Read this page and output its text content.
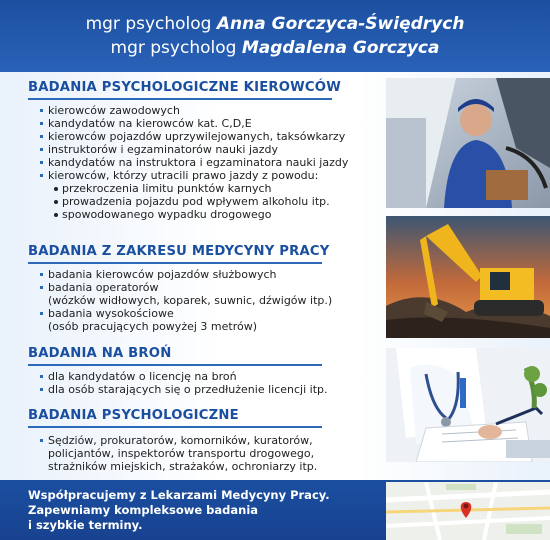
mgr psycholog Anna Gorczyca-Świędrych
mgr psycholog Magdalena Gorczyca
BADANIA PSYCHOLOGICZNE KIEROWCÓW
kierowców zawodowych
kandydatów na kierowców kat. C,D,E
kierowców pojazdów uprzywilejowanych, taksówkarzy
instruktorów i egzaminatorów nauki jazdy
kandydatów na instruktora i egzaminatora nauki jazdy
kierowców, którzy utracili prawo jazdy z powodu:
przekroczenia limitu punktów karnych
prowadzenia pojazdu pod wpływem alkoholu itp.
spowodowanego wypadku drogowego
BADANIA Z ZAKRESU MEDYCYNY PRACY
badania kierowców pojazdów służbowych
badania operatorów
(wózków widłowych, koparek, suwnic, dźwigów itp.)
badania wysokościowe
(osób pracujących powyżej 3 metrów)
BADANIA NA BROŃ
dla kandydatów o licencję na broń
dla osób starających się o przedłużenie licencji itp.
BADANIA PSYCHOLOGICZNE
Sędziów, prokuratorów, komorników, kuratorów,
policjantów, inspektorów transportu drogowego,
strażników miejskich, strażaków, ochroniarzy itp.
Współpracujemy z Lekarzami Medycyny Pracy.
Zapewniamy kompleksowe badania
i szybkie terminy.
